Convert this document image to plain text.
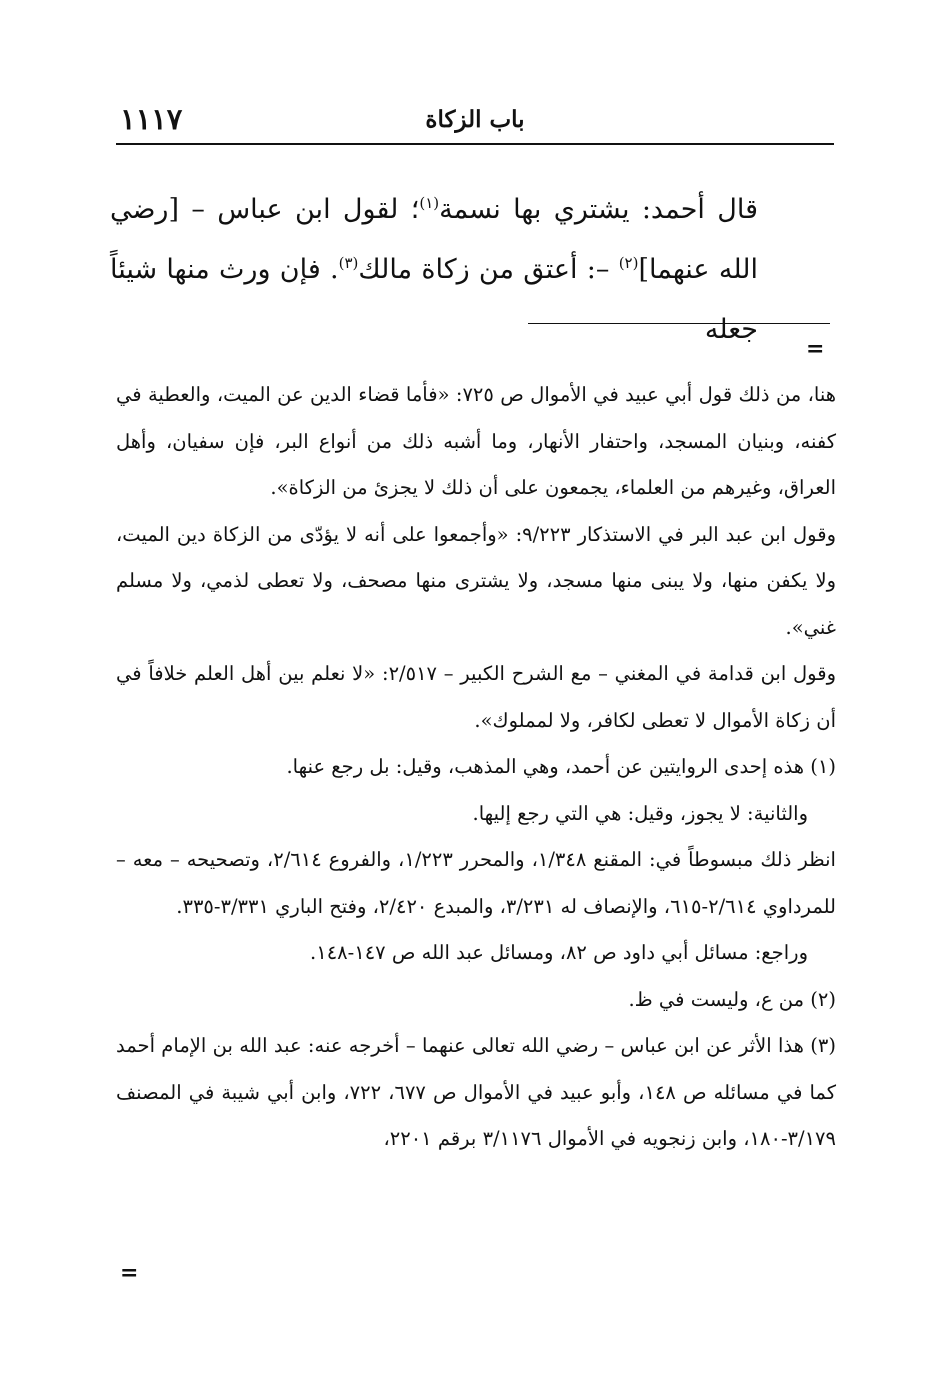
١١١٧	باب الزكاة

قال أحمد: يشتري بها نسمة$^{(١)}$؛ لقول ابن عباس – [رضي الله عنهما]$^{(٢)}$ –: أعتق من زكاة مالك$^{(٣)}$. فإن ورث منها شيئاً جعله

=

هنا، من ذلك قول أبي عبيد في الأموال ص ٧٢٥: «فأما قضاء الدين عن الميت، والعطية في كفنه، وبنيان المسجد، واحتفار الأنهار، وما أشبه ذلك من أنواع البر، فإن سفيان، وأهل العراق، وغيرهم من العلماء، يجمعون على أن ذلك لا يجزئ من الزكاة».

وقول ابن عبد البر في الاستذكار ٩/٢٢٣: «وأجمعوا على أنه لا يؤدّى من الزكاة دين الميت، ولا يكفن منها، ولا يبنى منها مسجد، ولا يشترى منها مصحف، ولا تعطى لذمي، ولا مسلم غني».

وقول ابن قدامة في المغني – مع الشرح الكبير – ٢/٥١٧: «لا نعلم بين أهل العلم خلافاً في أن زكاة الأموال لا تعطى لكافر، ولا لمملوك».

(١) هذه إحدى الروايتين عن أحمد، وهي المذهب، وقيل: بل رجع عنها.

والثانية: لا يجوز، وقيل: هي التي رجع إليها.

انظر ذلك مبسوطاً في: المقنع ١/٣٤٨، والمحرر ١/٢٢٣، والفروع ٢/٦١٤، وتصحيحه – معه – للمرداوي ٢/٦١٤-٦١٥، والإنصاف له ٣/٢٣١، والمبدع ٢/٤٢٠، وفتح الباري ٣/٣٣١-٣٣٥.

وراجع: مسائل أبي داود ص ٨٢، ومسائل عبد الله ص ١٤٧-١٤٨.

(٢) من ع، وليست في ظ.

(٣) هذا الأثر عن ابن عباس – رضي الله تعالى عنهما – أخرجه عنه: عبد الله بن الإمام أحمد كما في مسائله ص ١٤٨، وأبو عبيد في الأموال ص ٦٧٧، ٧٢٢، وابن أبي شيبة في المصنف ٣/١٧٩-١٨٠، وابن زنجويه في الأموال ٣/١١٧٦ برقم ٢٢٠١،

=
